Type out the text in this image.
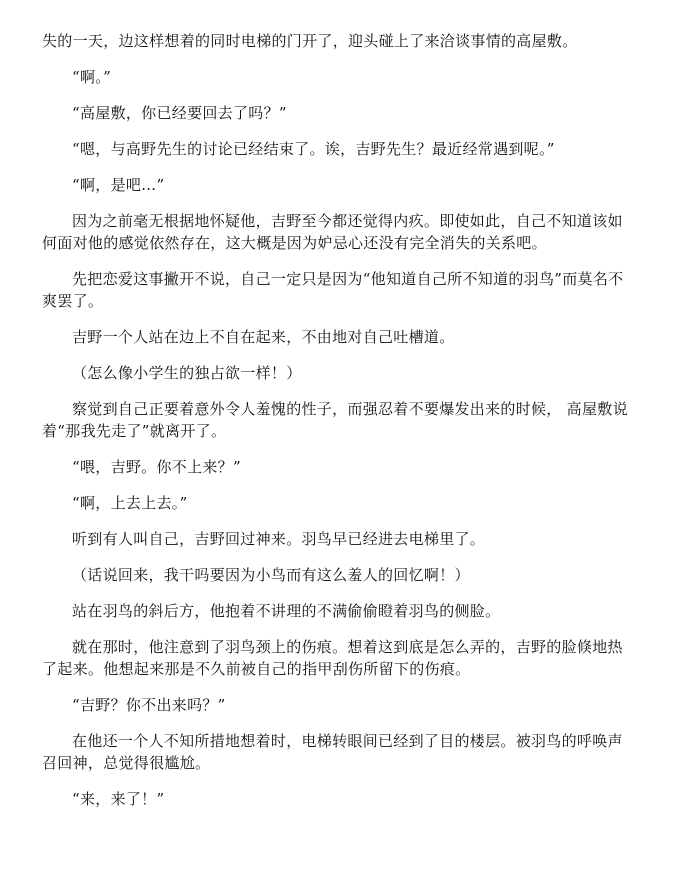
失的一天，边这样想着的同时电梯的门开了，迎头碰上了来洽谈事情的高屋敷。

“啊。”

“高屋敷，你已经要回去了吗？”

“嗯，与高野先生的讨论已经结束了。诶，吉野先生？最近经常遇到呢。”

“啊，是吧…”

因为之前毫无根据地怀疑他，吉野至今都还觉得内疚。即使如此，自己不知道该如何面对他的感觉依然存在，这大概是因为妒忌心还没有完全消失的关系吧。

先把恋爱这事撇开不说，自己一定只是因为“他知道自己所不知道的羽鸟”而莫名不爽罢了。

吉野一个人站在边上不自在起来，不由地对自己吐槽道。

（怎么像小学生的独占欲一样！）

察觉到自己正要着意外令人羞愧的性子，而强忍着不要爆发出来的时候， 高屋敷说着“那我先走了”就离开了。

“喂，吉野。你不上来？”

“啊，上去上去。”

听到有人叫自己，吉野回过神来。羽鸟早已经进去电梯里了。

（话说回来，我干吗要因为小鸟而有这么羞人的回忆啊！）

站在羽鸟的斜后方，他抱着不讲理的不满偷偷瞪着羽鸟的侧脸。

就在那时，他注意到了羽鸟颈上的伤痕。想着这到底是怎么弄的，吉野的脸倏地热了起来。他想起来那是不久前被自己的指甲刮伤所留下的伤痕。

“吉野？你不出来吗？”

在他还一个人不知所措地想着时，电梯转眼间已经到了目的楼层。被羽鸟的呼唤声召回神，总觉得很尴尬。

“来，来了！”
